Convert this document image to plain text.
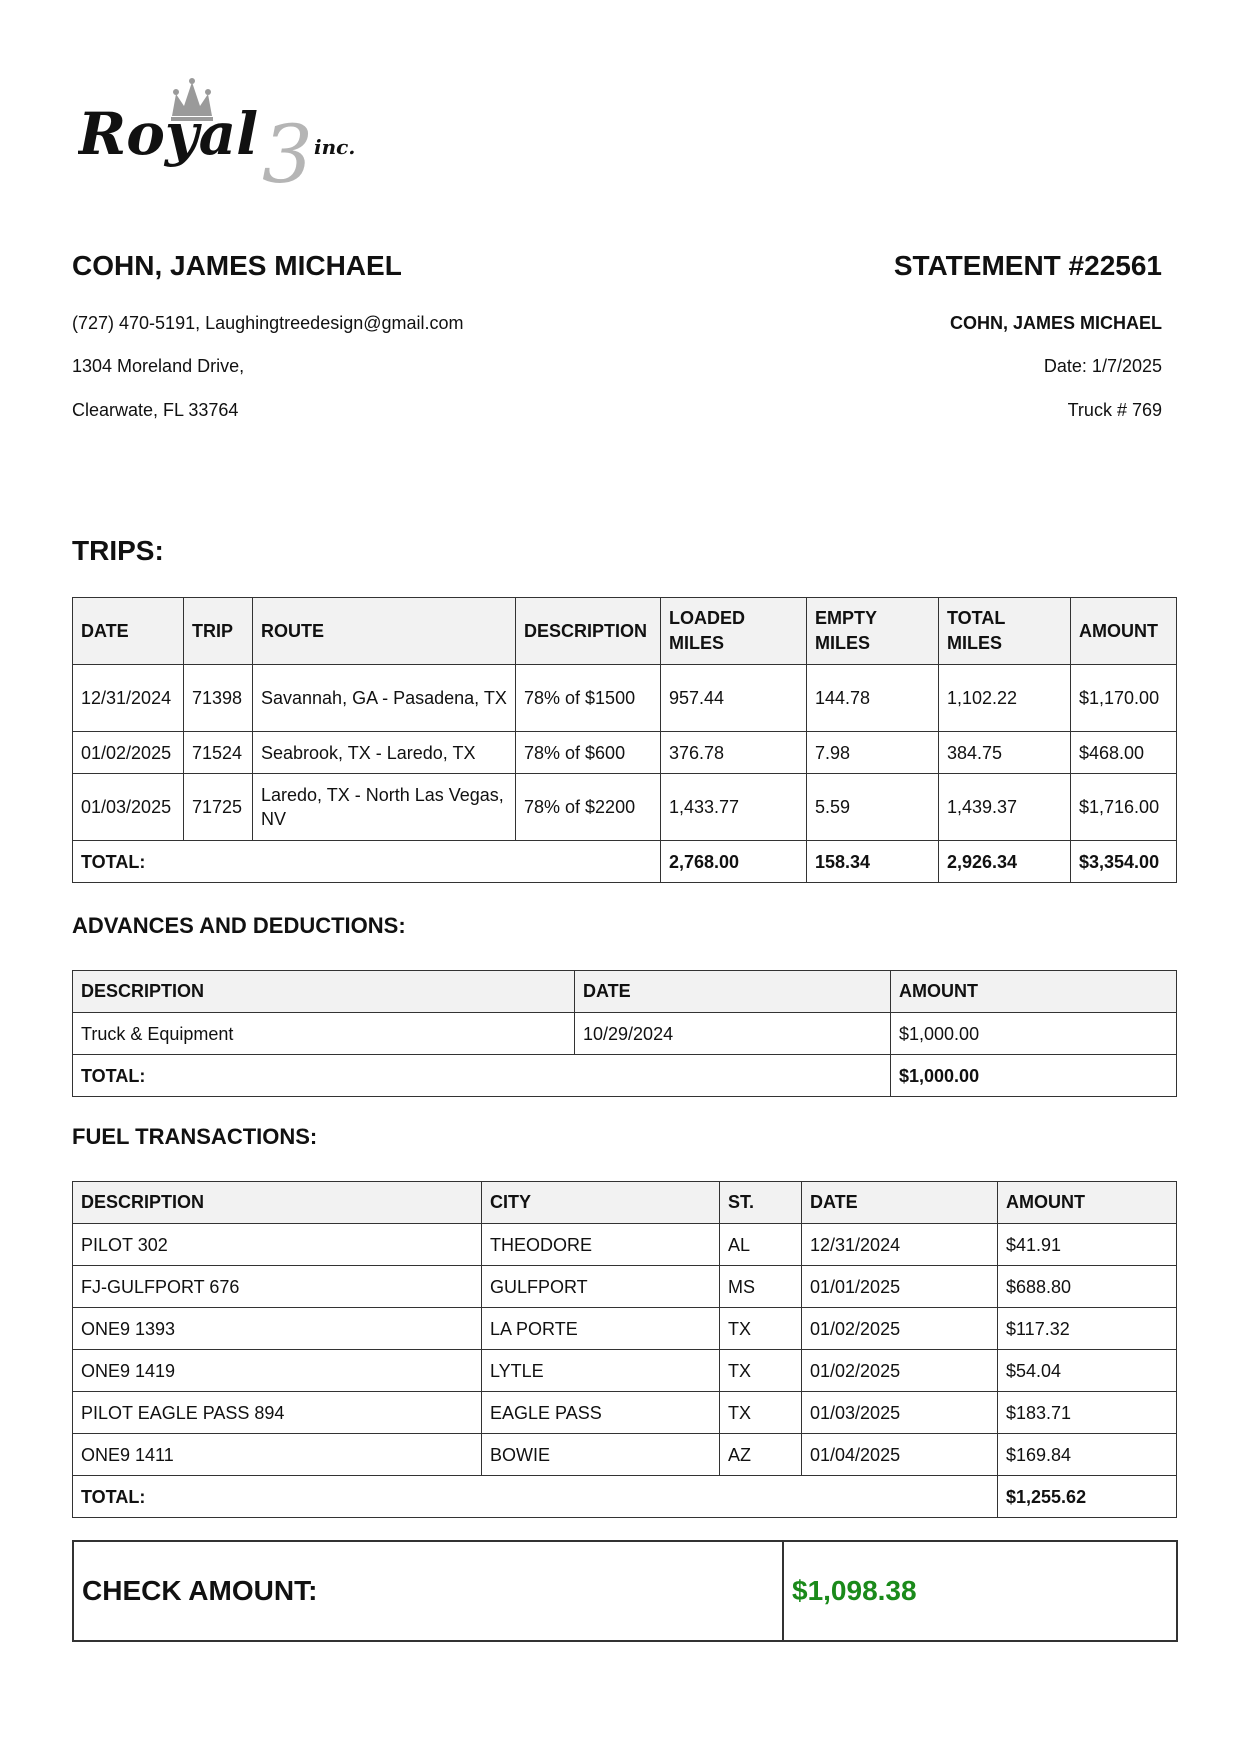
3
Royal	inc.
COHN, JAMES MICHAEL	STATEMENT #22561
(727) 470-5191, Laughingtreedesign@gmail.com
1304 Moreland Drive,
Clearwate, FL 33764
COHN, JAMES MICHAEL
Date: 1/7/2025
Truck # 769
TRIPS:
DATE	TRIP	ROUTE	DESCRIPTION	LOADED MILES	EMPTY MILES	TOTAL MILES	AMOUNT
12/31/2024	71398	Savannah, GA - Pasadena, TX	78% of $1500	957.44	144.78	1,102.22	$1,170.00
01/02/2025	71524	Seabrook, TX - Laredo, TX	78% of $600	376.78	7.98	384.75	$468.00
01/03/2025	71725	Laredo, TX - North Las Vegas, NV	78% of $2200	1,433.77	5.59	1,439.37	$1,716.00
TOTAL:				2,768.00	158.34	2,926.34	$3,354.00
ADVANCES AND DEDUCTIONS:
DESCRIPTION	DATE	AMOUNT
Truck & Equipment	10/29/2024	$1,000.00
TOTAL:		$1,000.00
FUEL TRANSACTIONS:
DESCRIPTION	CITY	ST.	DATE	AMOUNT
PILOT 302	THEODORE	AL	12/31/2024	$41.91
FJ-GULFPORT 676	GULFPORT	MS	01/01/2025	$688.80
ONE9 1393	LA PORTE	TX	01/02/2025	$117.32
ONE9 1419	LYTLE	TX	01/02/2025	$54.04
PILOT EAGLE PASS 894	EAGLE PASS	TX	01/03/2025	$183.71
ONE9 1411	BOWIE	AZ	01/04/2025	$169.84
TOTAL:				$1,255.62
CHECK AMOUNT:	$1,098.38
